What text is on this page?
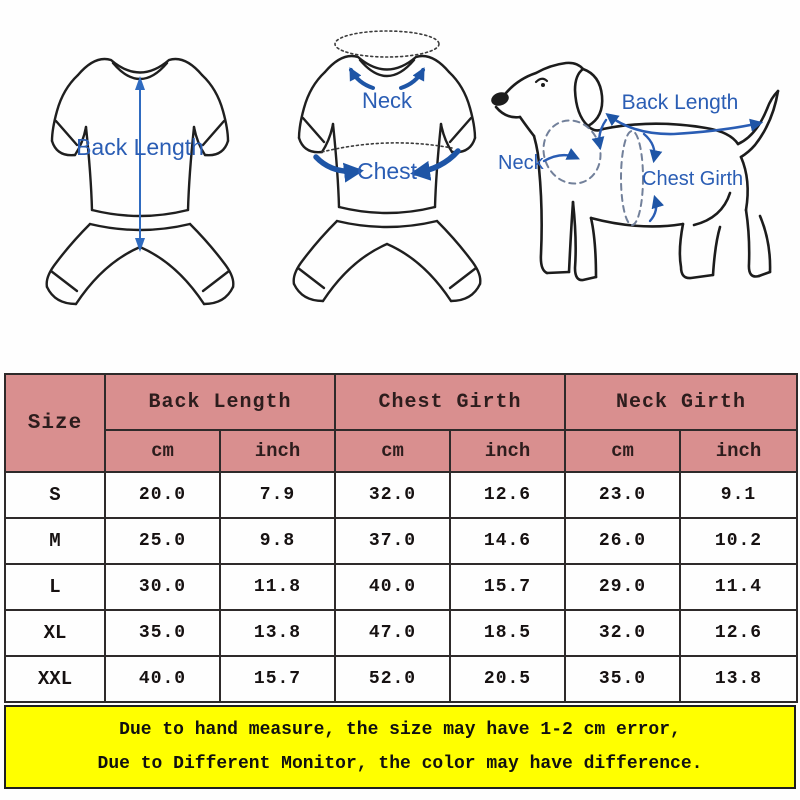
Back Length
Neck
Chest
Back Length
Neck
Chest Girth
Size	Back Length		Chest Girth		Neck Girth	
	cm	inch	cm	inch	cm	inch
S	20.0	7.9	32.0	12.6	23.0	9.1
M	25.0	9.8	37.0	14.6	26.0	10.2
L	30.0	11.8	40.0	15.7	29.0	11.4
XL	35.0	13.8	47.0	18.5	32.0	12.6
XXL	40.0	15.7	52.0	20.5	35.0	13.8
Due to hand measure, the size may have 1-2 cm error,
Due to Different Monitor, the color may have difference.
